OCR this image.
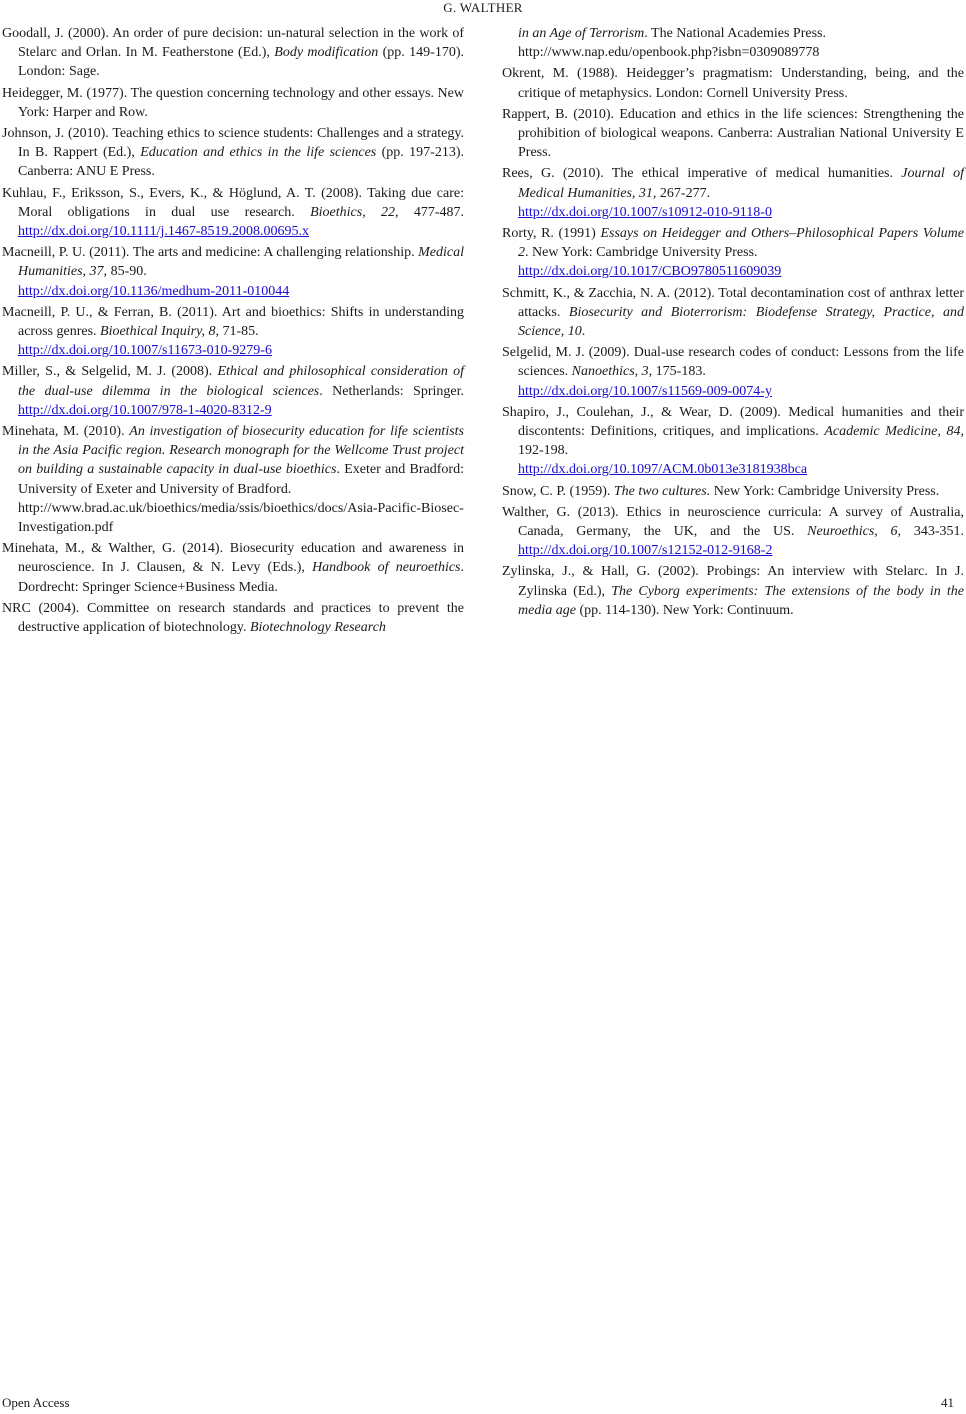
G. WALTHER
Goodall, J. (2000). An order of pure decision: un-natural selection in the work of Stelarc and Orlan. In M. Featherstone (Ed.), Body modification (pp. 149-170). London: Sage.
Heidegger, M. (1977). The question concerning technology and other essays. New York: Harper and Row.
Johnson, J. (2010). Teaching ethics to science students: Challenges and a strategy. In B. Rappert (Ed.), Education and ethics in the life sciences (pp. 197-213). Canberra: ANU E Press.
Kuhlau, F., Eriksson, S., Evers, K., & Höglund, A. T. (2008). Taking due care: Moral obligations in dual use research. Bioethics, 22, 477-487. http://dx.doi.org/10.1111/j.1467-8519.2008.00695.x
Macneill, P. U. (2011). The arts and medicine: A challenging relationship. Medical Humanities, 37, 85-90.
http://dx.doi.org/10.1136/medhum-2011-010044
Macneill, P. U., & Ferran, B. (2011). Art and bioethics: Shifts in understanding across genres. Bioethical Inquiry, 8, 71-85.
http://dx.doi.org/10.1007/s11673-010-9279-6
Miller, S., & Selgelid, M. J. (2008). Ethical and philosophical consideration of the dual-use dilemma in the biological sciences. Netherlands: Springer. http://dx.doi.org/10.1007/978-1-4020-8312-9
Minehata, M. (2010). An investigation of biosecurity education for life scientists in the Asia Pacific region. Research monograph for the Wellcome Trust project on building a sustainable capacity in dual-use bioethics. Exeter and Bradford: University of Exeter and University of Bradford.
http://www.brad.ac.uk/bioethics/media/ssis/bioethics/docs/Asia-Pacific-Biosec-Investigation.pdf
Minehata, M., & Walther, G. (2014). Biosecurity education and awareness in neuroscience. In J. Clausen, & N. Levy (Eds.), Handbook of neuroethics. Dordrecht: Springer Science+Business Media.
NRC (2004). Committee on research standards and practices to prevent the destructive application of biotechnology. Biotechnology Research
in an Age of Terrorism. The National Academies Press.
http://www.nap.edu/openbook.php?isbn=0309089778
Okrent, M. (1988). Heidegger’s pragmatism: Understanding, being, and the critique of metaphysics. London: Cornell University Press.
Rappert, B. (2010). Education and ethics in the life sciences: Strengthening the prohibition of biological weapons. Canberra: Australian National University E Press.
Rees, G. (2010). The ethical imperative of medical humanities. Journal of Medical Humanities, 31, 267-277.
http://dx.doi.org/10.1007/s10912-010-9118-0
Rorty, R. (1991) Essays on Heidegger and Others–Philosophical Papers Volume 2. New York: Cambridge University Press.
http://dx.doi.org/10.1017/CBO9780511609039
Schmitt, K., & Zacchia, N. A. (2012). Total decontamination cost of anthrax letter attacks. Biosecurity and Bioterrorism: Biodefense Strategy, Practice, and Science, 10.
Selgelid, M. J. (2009). Dual-use research codes of conduct: Lessons from the life sciences. Nanoethics, 3, 175-183.
http://dx.doi.org/10.1007/s11569-009-0074-y
Shapiro, J., Coulehan, J., & Wear, D. (2009). Medical humanities and their discontents: Definitions, critiques, and implications. Academic Medicine, 84, 192-198.
http://dx.doi.org/10.1097/ACM.0b013e3181938bca
Snow, C. P. (1959). The two cultures. New York: Cambridge University Press.
Walther, G. (2013). Ethics in neuroscience curricula: A survey of Australia, Canada, Germany, the UK, and the US. Neuroethics, 6, 343-351. http://dx.doi.org/10.1007/s12152-012-9168-2
Zylinska, J., & Hall, G. (2002). Probings: An interview with Stelarc. In J. Zylinska (Ed.), The Cyborg experiments: The extensions of the body in the media age (pp. 114-130). New York: Continuum.
Open Access	41
